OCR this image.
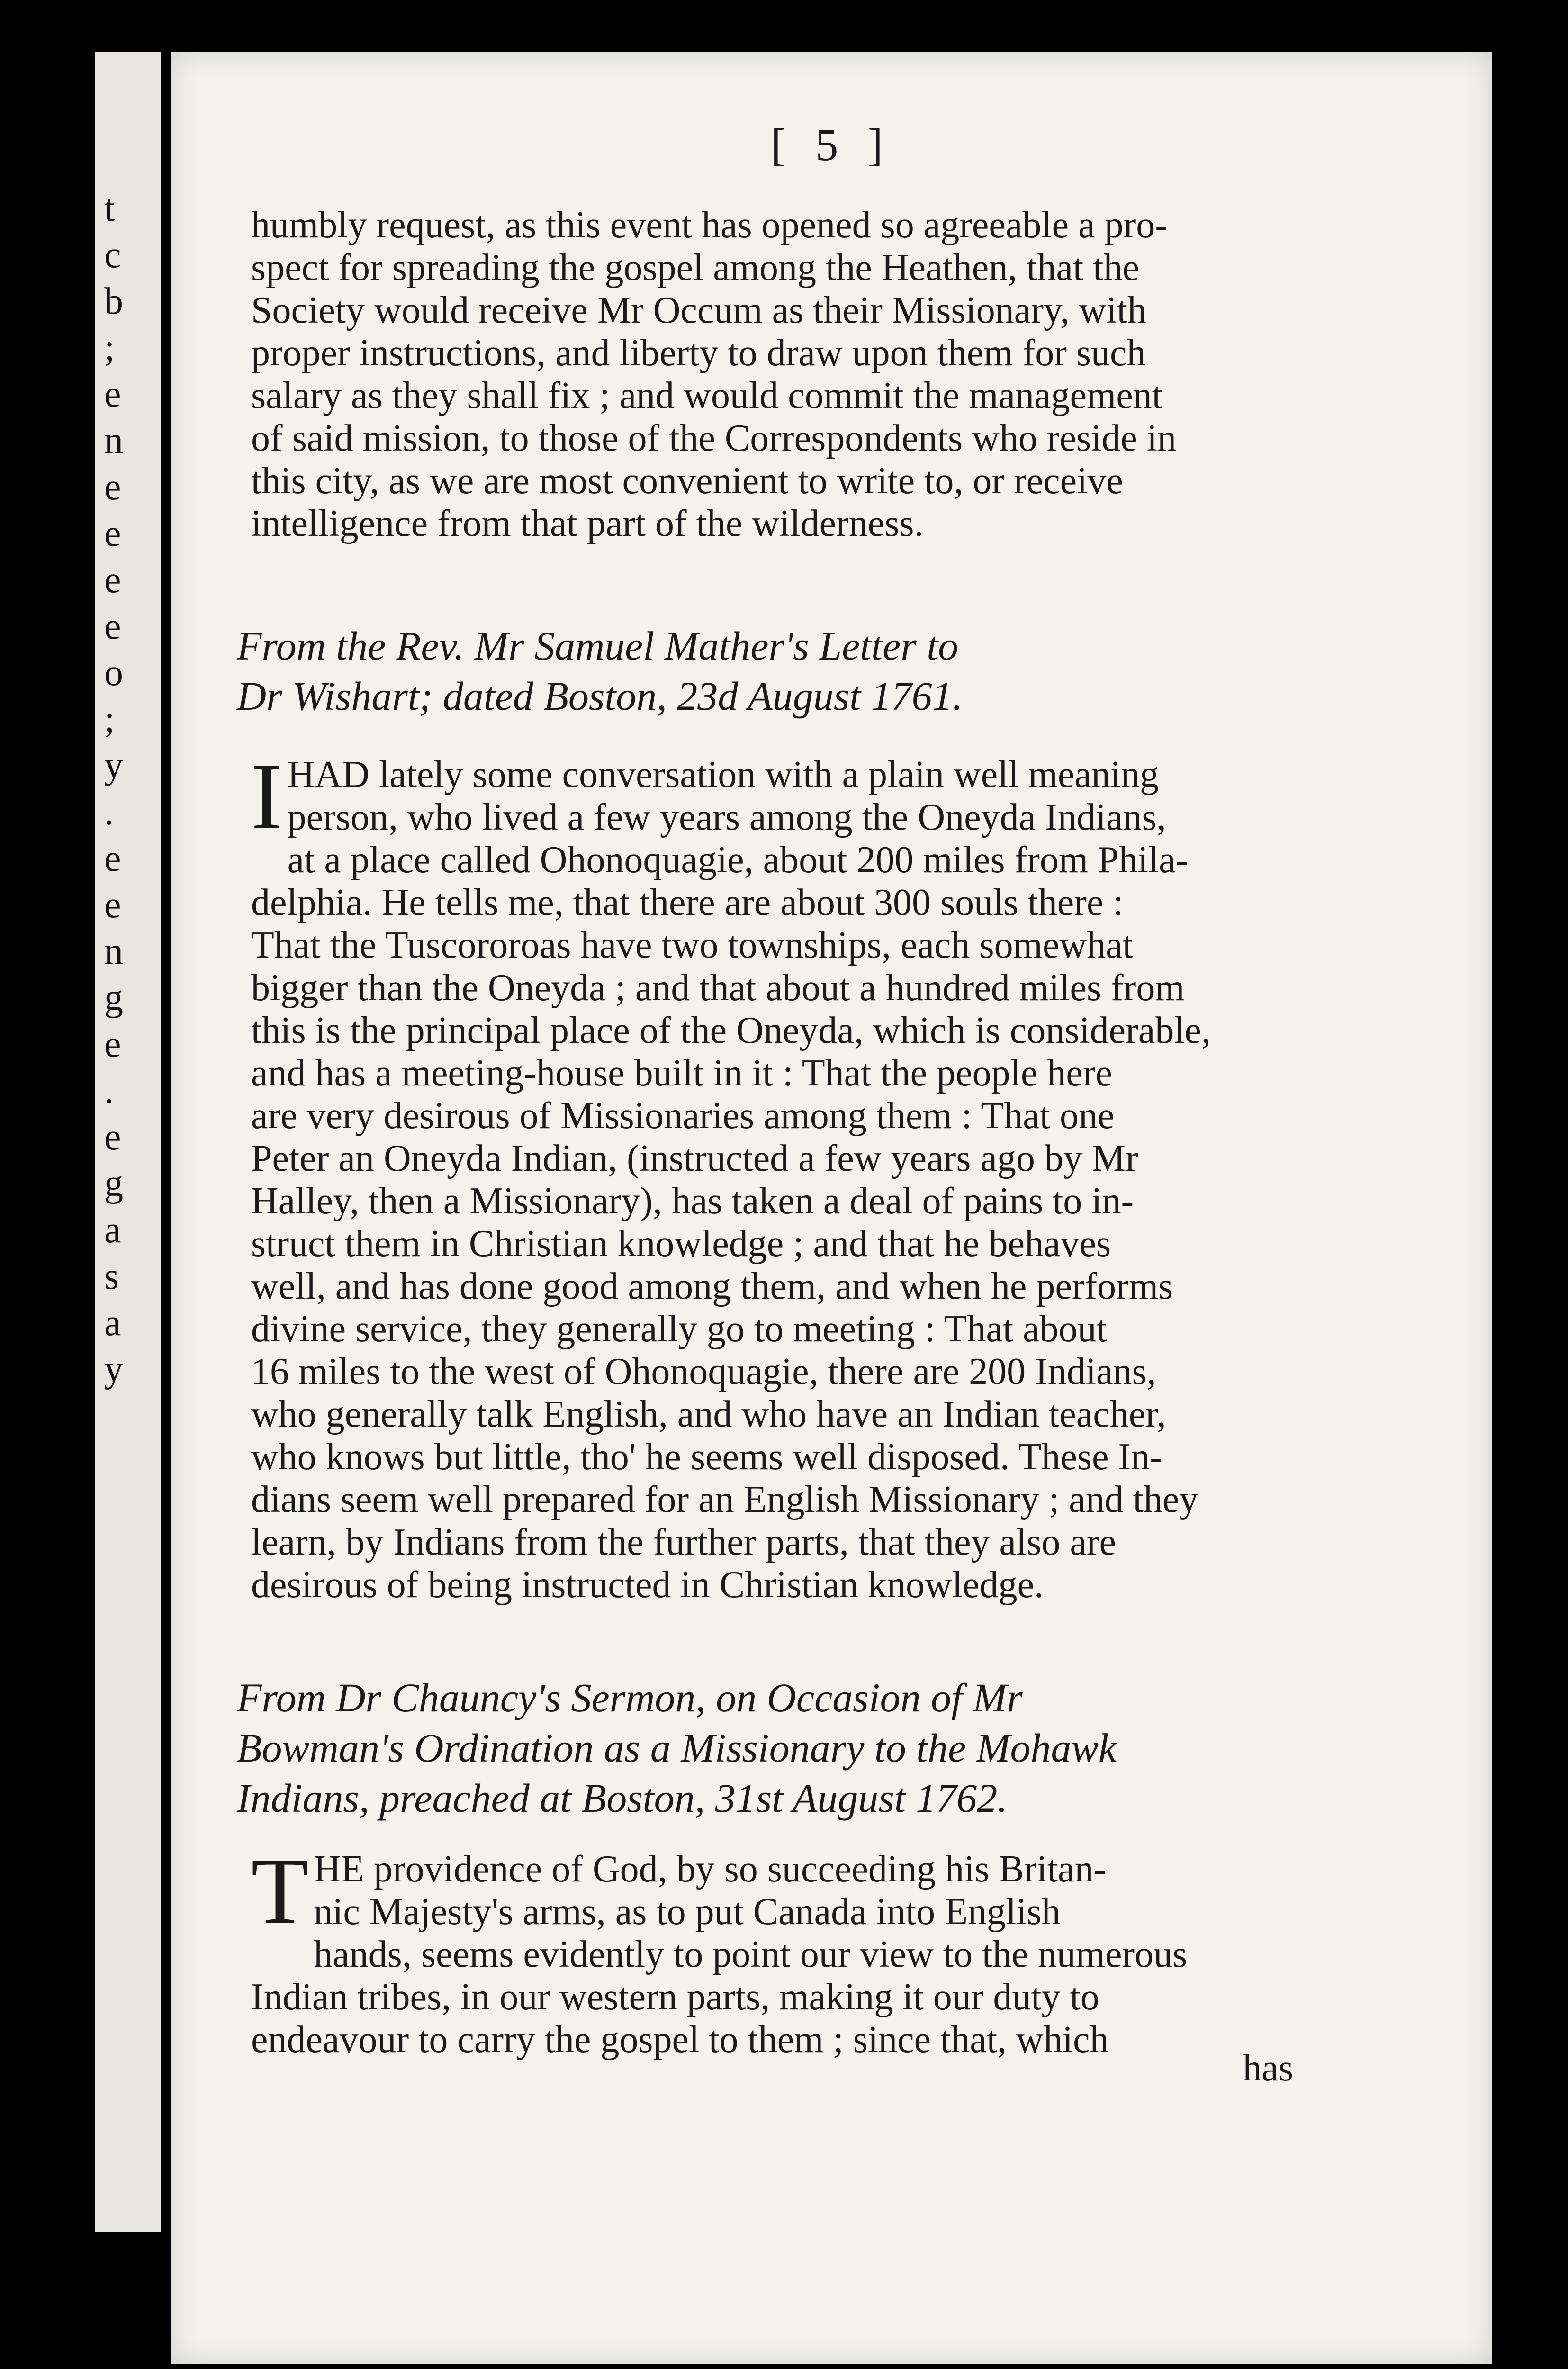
t
c
b
;
e
n
e
e
e
e
o
;
y
.
e
e
n
g
e
.
e
g
a
s
a
y
[ 5 ]
humbly request, as this event has opened so agreeable a pro-
spect for spreading the gospel among the Heathen, that the
Society would receive Mr Occum as their Missionary, with
proper instructions, and liberty to draw upon them for such
salary as they shall fix ; and would commit the management
of said mission, to those of the Correspondents who reside in
this city, as we are most convenient to write to, or receive
intelligence from that part of the wilderness.
From the Rev. Mr Samuel Mather's Letter to
Dr Wishart; dated Boston, 23d August 1761.
I HAD lately some conversation with a plain well meaning
person, who lived a few years among the Oneyda Indians,
at a place called Ohonoquagie, about 200 miles from Phila-
delphia. He tells me, that there are about 300 souls there :
That the Tuscororoas have two townships, each somewhat
bigger than the Oneyda ; and that about a hundred miles from
this is the principal place of the Oneyda, which is considerable,
and has a meeting-house built in it : That the people here
are very desirous of Missionaries among them : That one
Peter an Oneyda Indian, (instructed a few years ago by Mr
Halley, then a Missionary), has taken a deal of pains to in-
struct them in Christian knowledge ; and that he behaves
well, and has done good among them, and when he performs
divine service, they generally go to meeting : That about
16 miles to the west of Ohonoquagie, there are 200 Indians,
who generally talk English, and who have an Indian teacher,
who knows but little, tho' he seems well disposed. These In-
dians seem well prepared for an English Missionary ; and they
learn, by Indians from the further parts, that they also are
desirous of being instructed in Christian knowledge.
From Dr Chauncy's Sermon, on Occasion of Mr
Bowman's Ordination as a Missionary to the Mohawk
Indians, preached at Boston, 31st August 1762.
T HE providence of God, by so succeeding his Britan-
nic Majesty's arms, as to put Canada into English
hands, seems evidently to point our view to the numerous
Indian tribes, in our western parts, making it our duty to
endeavour to carry the gospel to them ; since that, which
has
